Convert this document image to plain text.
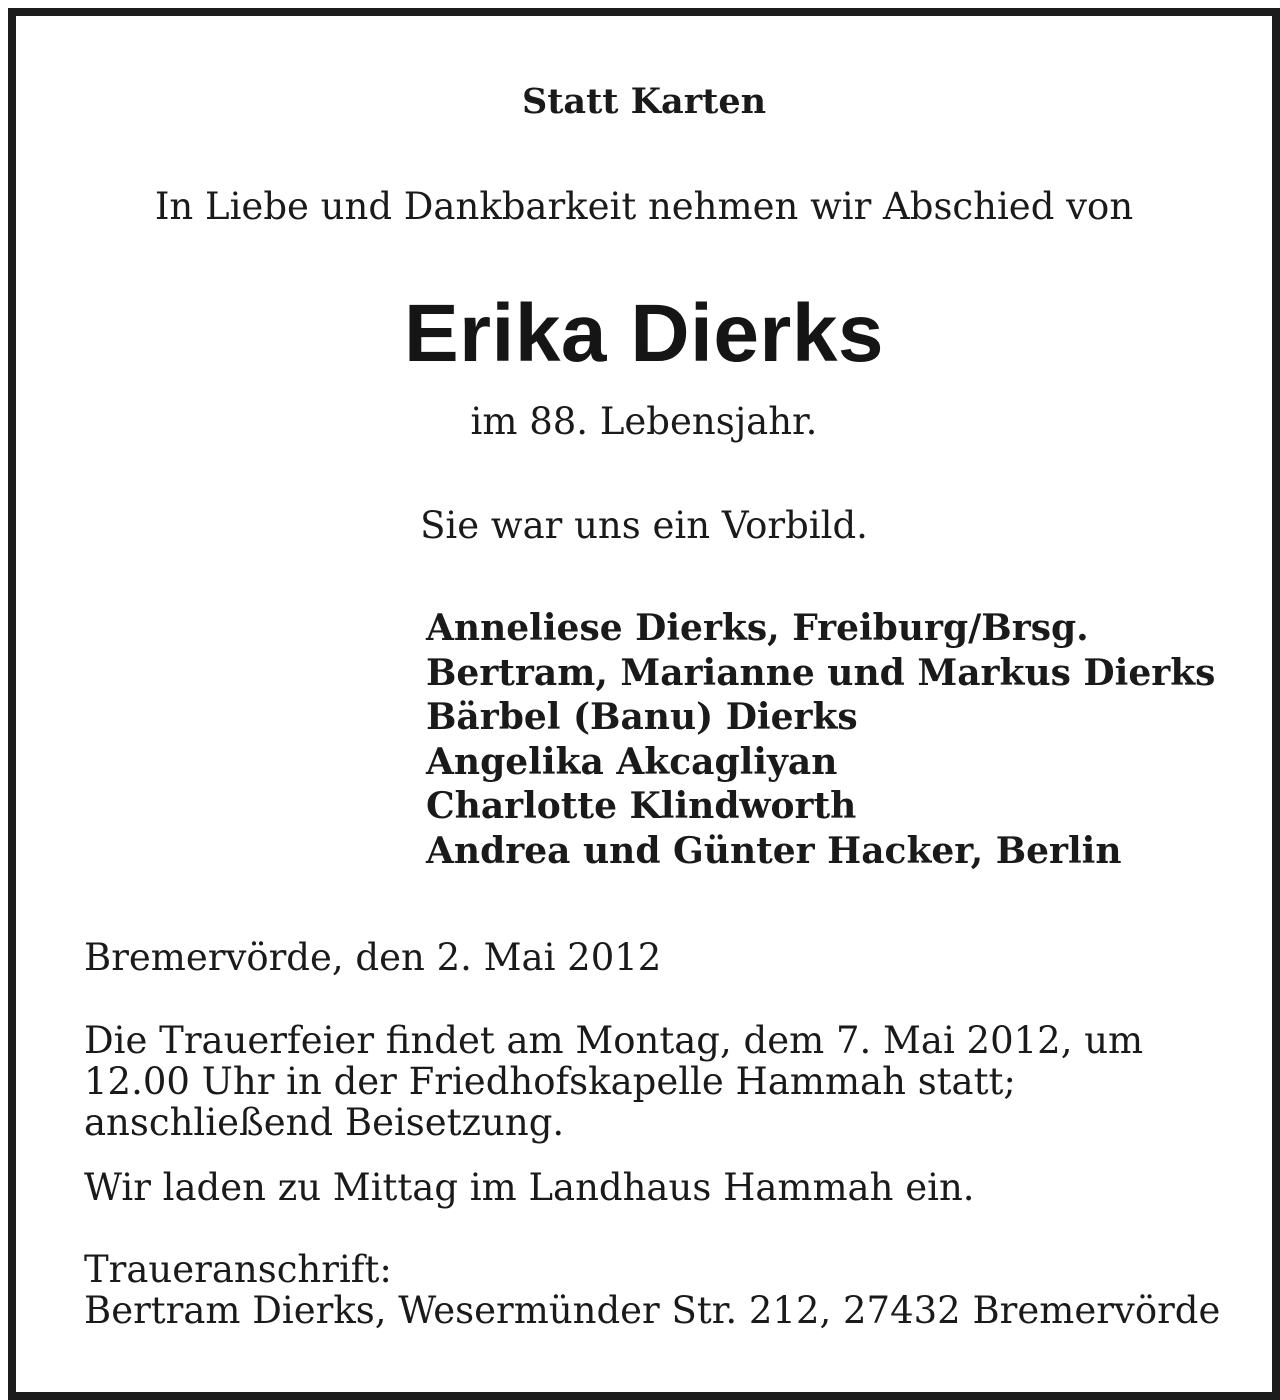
Statt Karten

In Liebe und Dankbarkeit nehmen wir Abschied von

Erika Dierks

im 88. Lebensjahr.

Sie war uns ein Vorbild.

Anneliese Dierks, Freiburg/Brsg.
Bertram, Marianne und Markus Dierks
Bärbel (Banu) Dierks
Angelika Akcagliyan
Charlotte Klindworth
Andrea und Günter Hacker, Berlin

Bremervörde, den 2. Mai 2012

Die Trauerfeier findet am Montag, dem 7. Mai 2012, um
12.00 Uhr in der Friedhofskapelle Hammah statt;
anschließend Beisetzung.
Wir laden zu Mittag im Landhaus Hammah ein.
Traueranschrift:
Bertram Dierks, Wesermünder Str. 212, 27432 Bremervörde
